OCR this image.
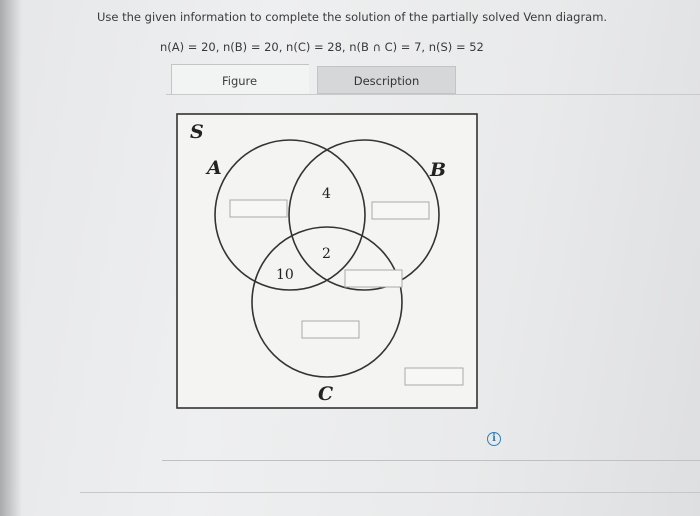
Use the given information to complete the solution of the partially solved Venn diagram.
n(A) = 20, n(B) = 20, n(C) = 28, n(B ∩ C) = 7, n(S) = 52
Figure	Description
S
A	B
C
4
2
10
i
